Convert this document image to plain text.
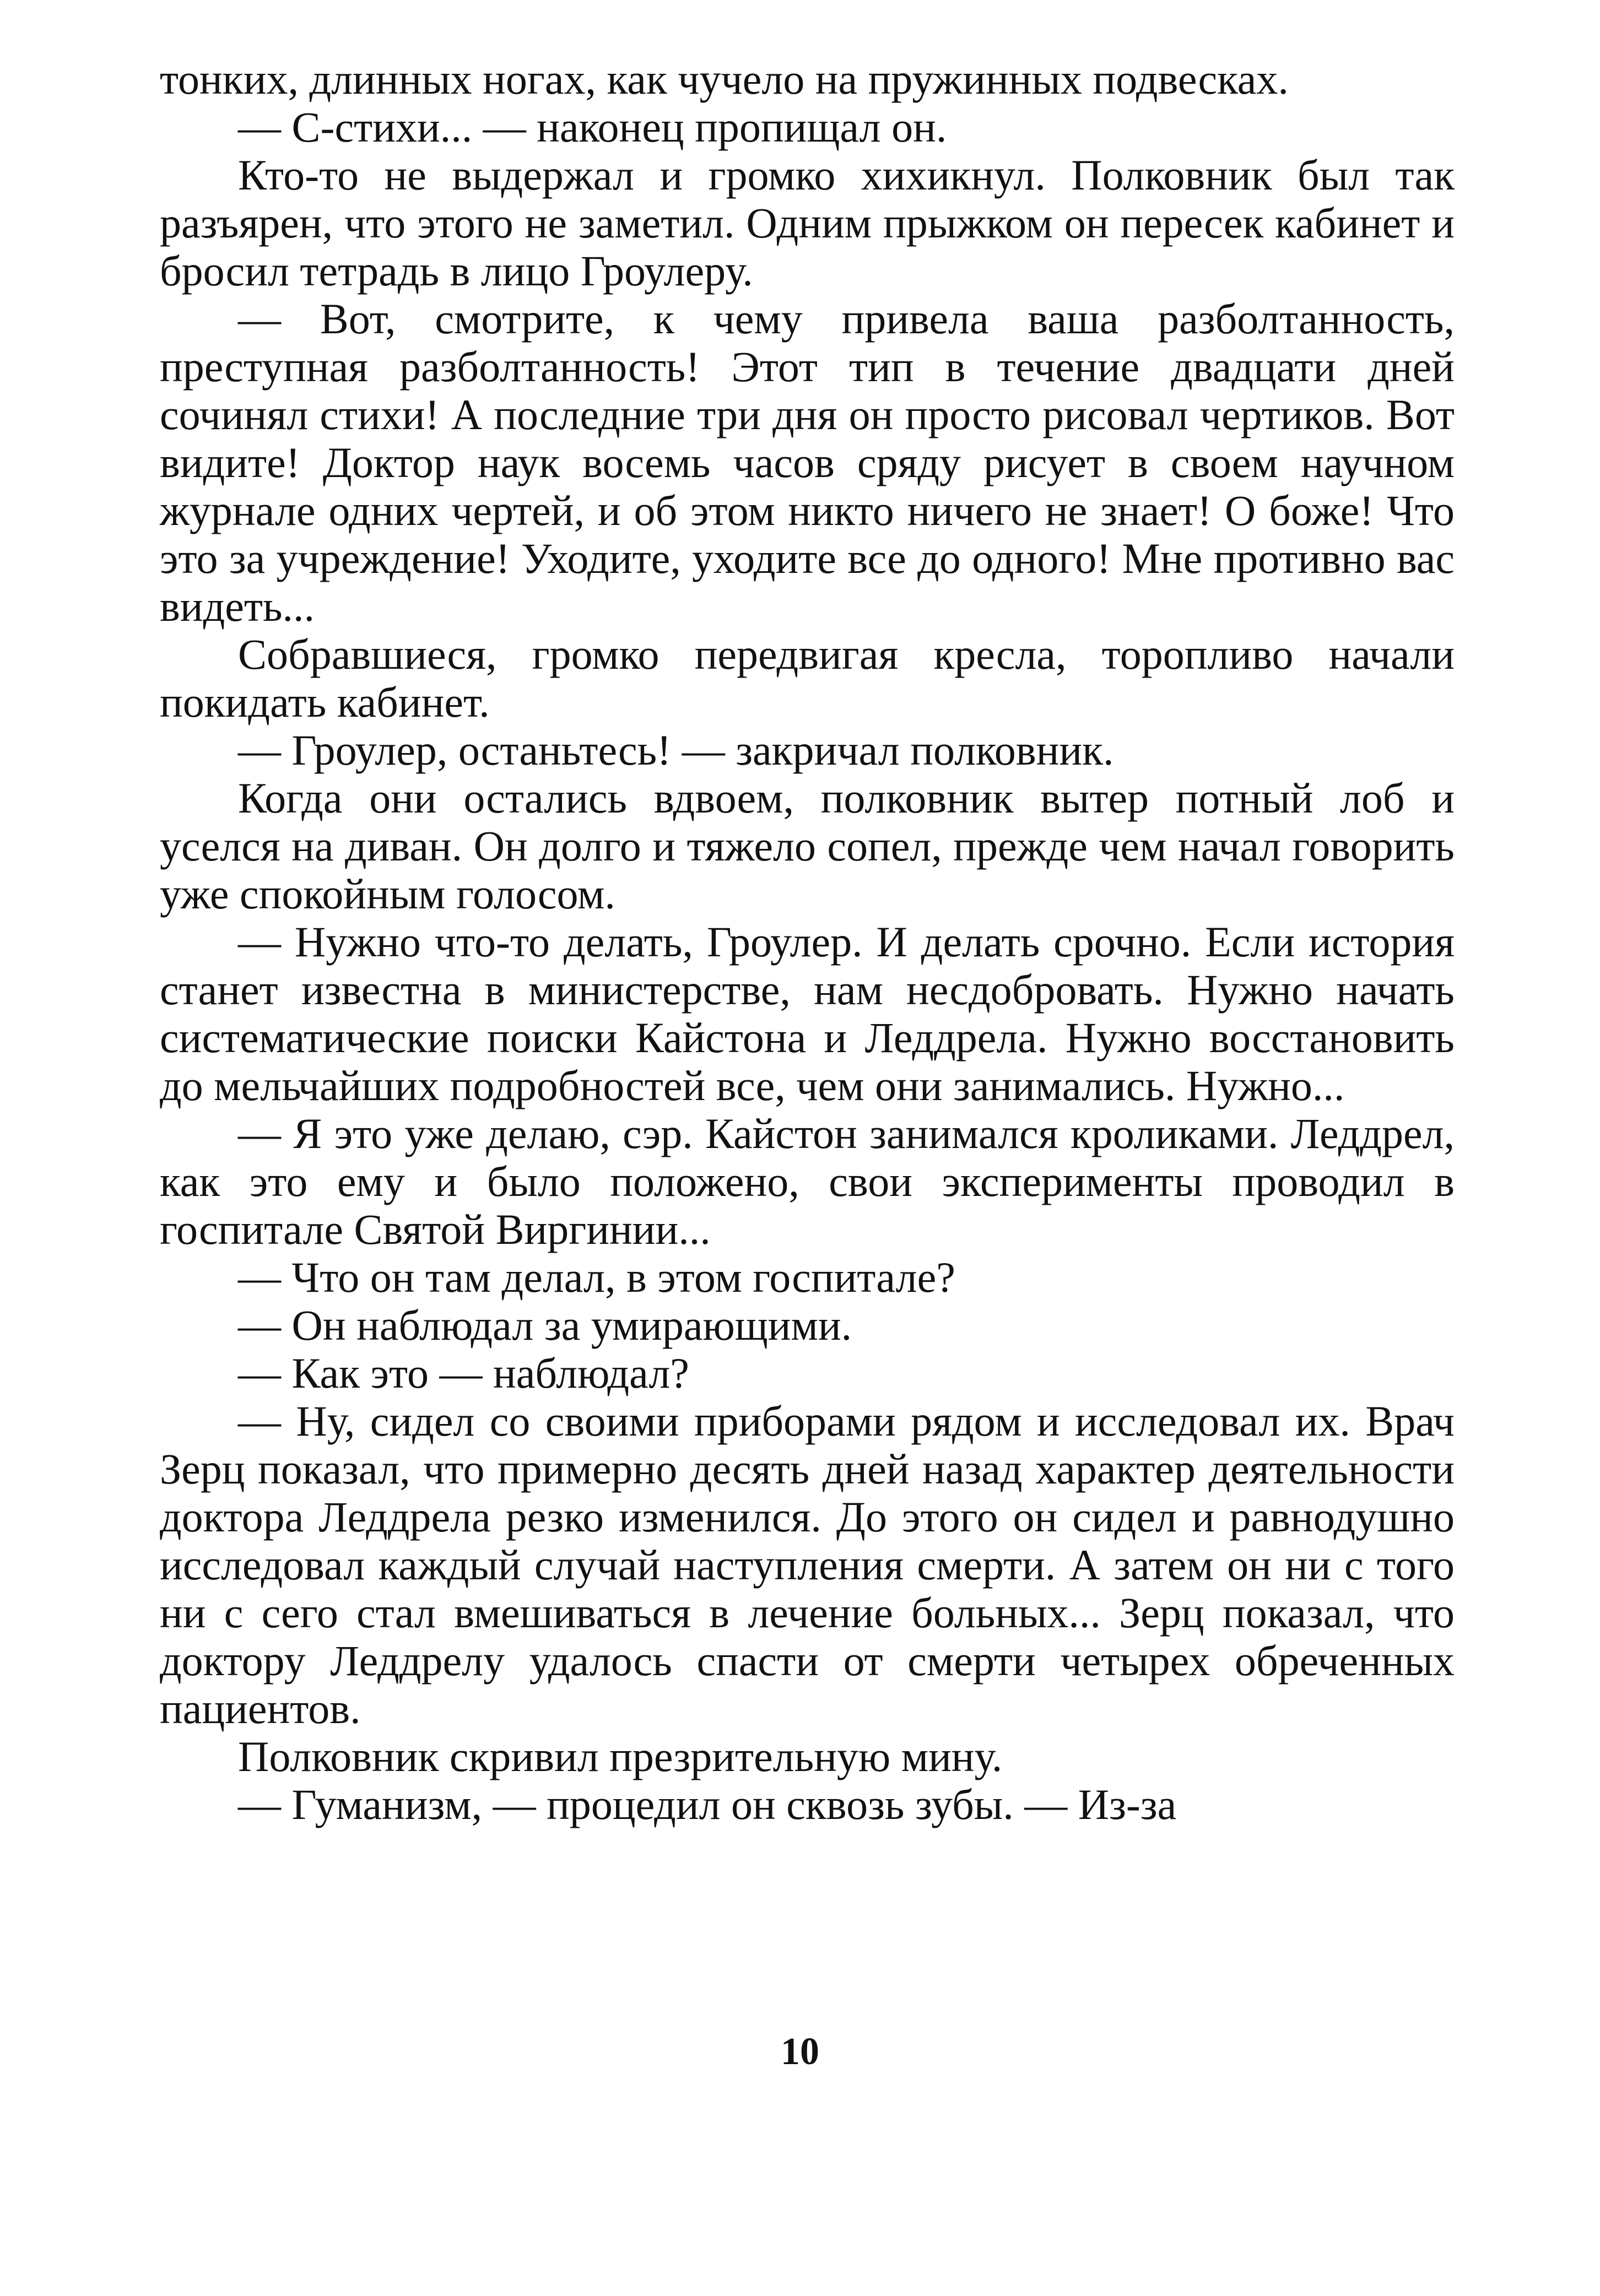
тонких, длинных ногах, как чучело на пружинных подвесках.

— С-стихи... — наконец пропищал он.

Кто-то не выдержал и громко хихикнул. Полковник был так разъярен, что этого не заметил. Одним прыжком он пересек кабинет и бросил тетрадь в лицо Гроулеру.

— Вот, смотрите, к чему привела ваша разболтанность, преступная разболтанность! Этот тип в течение двадцати дней сочинял стихи! А последние три дня он просто рисовал чертиков. Вот видите! Доктор наук восемь часов сряду рисует в своем научном журнале одних чертей, и об этом никто ничего не знает! О боже! Что это за учреждение! Уходите, уходите все до одного! Мне противно вас видеть...

Собравшиеся, громко передвигая кресла, торопливо начали покидать кабинет.

— Гроулер, останьтесь! — закричал полковник.

Когда они остались вдвоем, полковник вытер потный лоб и уселся на диван. Он долго и тяжело сопел, прежде чем начал говорить уже спокойным голосом.

— Нужно что-то делать, Гроулер. И делать срочно. Если история станет известна в министерстве, нам несдобровать. Нужно начать систематические поиски Кайстона и Леддрела. Нужно восстановить до мельчайших подробностей все, чем они занимались. Нужно...

— Я это уже делаю, сэр. Кайстон занимался кроликами. Леддрел, как это ему и было положено, свои эксперименты проводил в госпитале Святой Виргинии...

— Что он там делал, в этом госпитале?

— Он наблюдал за умирающими.

— Как это — наблюдал?

— Ну, сидел со своими приборами рядом и исследовал их. Врач Зерц показал, что примерно десять дней назад характер деятельности доктора Леддрела резко изменился. До этого он сидел и равнодушно исследовал каждый случай наступления смерти. А затем он ни с того ни с сего стал вмешиваться в лечение больных... Зерц показал, что доктору Леддрелу удалось спасти от смерти четырех обреченных пациентов.

Полковник скривил презрительную мину.

— Гуманизм, — процедил он сквозь зубы. — Из-за

10
